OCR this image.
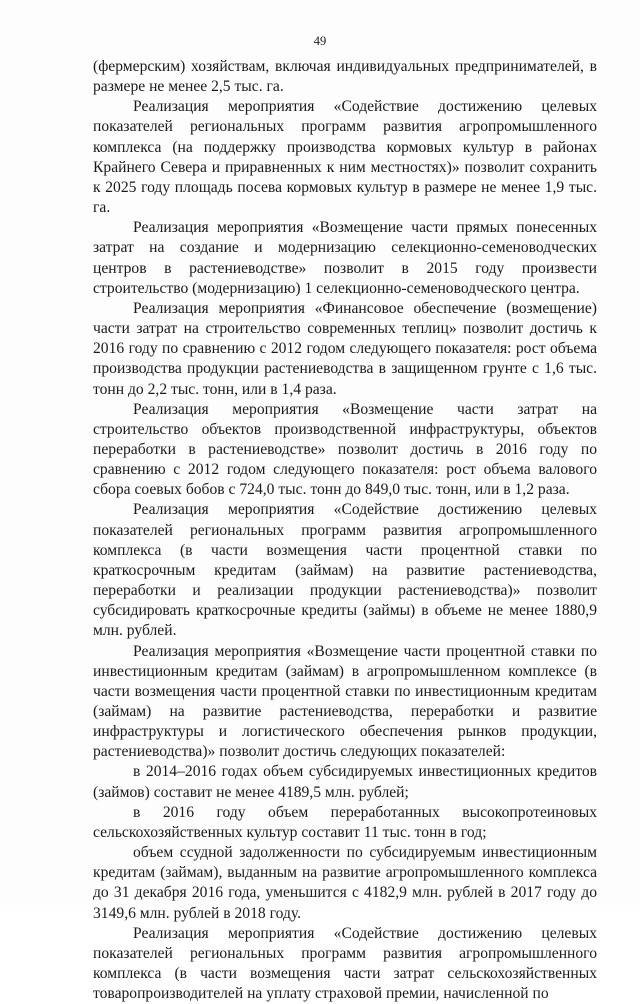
49

(фермерским) хозяйствам, включая индивидуальных предпринимателей, в размере не менее 2,5 тыс. га.

Реализация мероприятия «Содействие достижению целевых показателей региональных программ развития агропромышленного комплекса (на поддержку производства кормовых культур в районах Крайнего Севера и приравненных к ним местностях)» позволит сохранить к 2025 году площадь посева кормовых культур в размере не менее 1,9 тыс. га.

Реализация мероприятия «Возмещение части прямых понесенных затрат на создание и модернизацию селекционно-семеноводческих центров в растениеводстве» позволит в 2015 году произвести строительство (модернизацию) 1 селекционно-семеноводческого центра.

Реализация мероприятия «Финансовое обеспечение (возмещение) части затрат на строительство современных теплиц» позволит достичь к 2016 году по сравнению с 2012 годом следующего показателя: рост объема производства продукции растениеводства в защищенном грунте с 1,6 тыс. тонн до 2,2 тыс. тонн, или в 1,4 раза.

Реализация мероприятия «Возмещение части затрат на строительство объектов производственной инфраструктуры, объектов переработки в растениеводстве» позволит достичь в 2016 году по сравнению с 2012 годом следующего показателя: рост объема валового сбора соевых бобов с 724,0 тыс. тонн до 849,0 тыс. тонн, или в 1,2 раза.

Реализация мероприятия «Содействие достижению целевых показателей региональных программ развития агропромышленного комплекса (в части возмещения части процентной ставки по краткосрочным кредитам (займам) на развитие растениеводства, переработки и реализации продукции растениеводства)» позволит субсидировать краткосрочные кредиты (займы) в объеме не менее 1880,9 млн. рублей.

Реализация мероприятия «Возмещение части процентной ставки по инвестиционным кредитам (займам) в агропромышленном комплексе (в части возмещения части процентной ставки по инвестиционным кредитам (займам) на развитие растениеводства, переработки и развитие инфраструктуры и логистического обеспечения рынков продукции, растениеводства)» позволит достичь следующих показателей:

в 2014–2016 годах объем субсидируемых инвестиционных кредитов (займов) составит не менее 4189,5 млн. рублей;

в 2016 году объем переработанных высокопротеиновых сельскохозяйственных культур составит 11 тыс. тонн в год;

объем ссудной задолженности по субсидируемым инвестиционным кредитам (займам), выданным на развитие агропромышленного комплекса до 31 декабря 2016 года, уменьшится с 4182,9 млн. рублей в 2017 году до 3149,6 млн. рублей в 2018 году.

Реализация мероприятия «Содействие достижению целевых показателей региональных программ развития агропромышленного комплекса (в части возмещения части затрат сельскохозяйственных товаропроизводителей на уплату страховой премии, начисленной по
